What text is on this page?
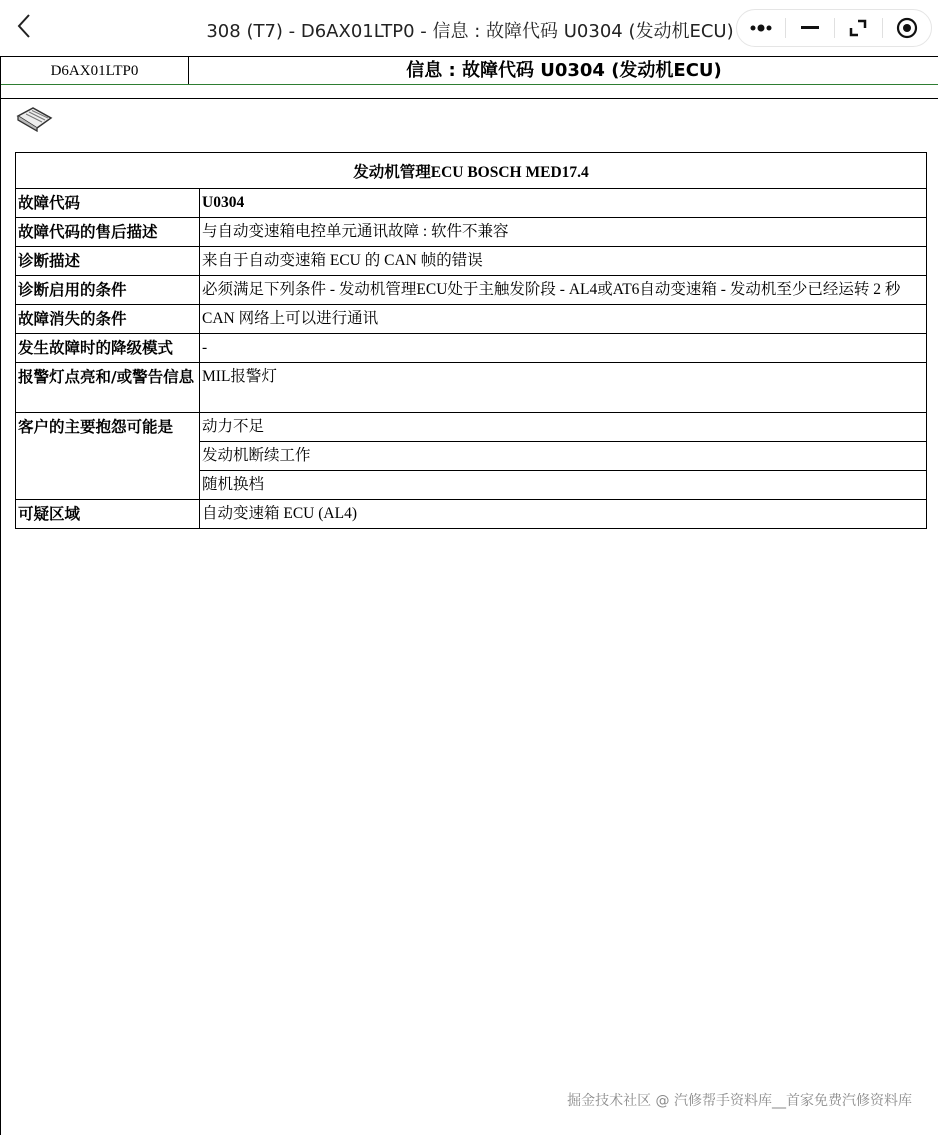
308 (T7) - D6AX01LTP0 - 信息 : 故障代码 U0304 (发动机ECU)
D6AX01LTP0	信息 : 故障代码 U0304 (发动机ECU)
发动机管理ECU BOSCH MED17.4	
故障代码	U0304
故障代码的售后描述	与自动变速箱电控单元通讯故障 : 软件不兼容
诊断描述	来自于自动变速箱 ECU 的 CAN 帧的错误
诊断启用的条件	必须满足下列条件 - 发动机管理ECU处于主触发阶段 - AL4或AT6自动变速箱 - 发动机至少已经运转 2 秒
故障消失的条件	CAN 网络上可以进行通讯
发生故障时的降级模式	-
报警灯点亮和/或警告信息	MIL报警灯
客户的主要抱怨可能是	动力不足
	发动机断续工作
	随机换档
可疑区域	自动变速箱 ECU (AL4)
掘金技术社区 @ 汽修帮手资料库__首家免费汽修资料库
